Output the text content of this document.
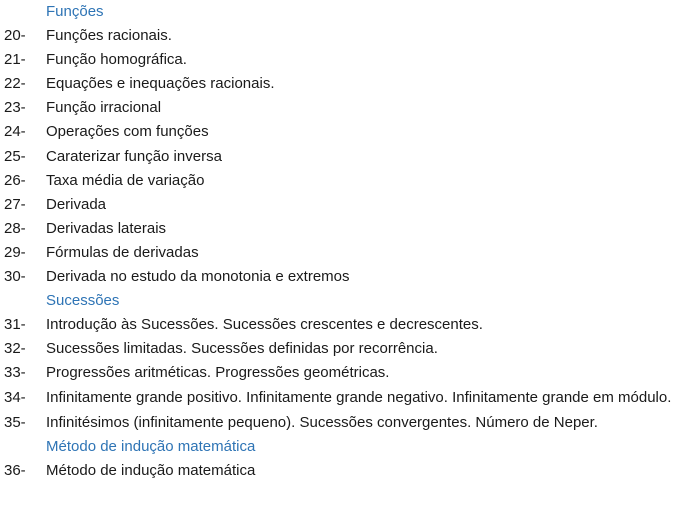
Funções
20-	Funções racionais.
21-	Função homográfica.
22-	Equações e inequações racionais.
23-	Função irracional
24-	Operações com funções
25-	Caraterizar função inversa
26-	Taxa média de variação
27-	Derivada
28-	Derivadas laterais
29-	Fórmulas de derivadas
30-	Derivada no estudo da monotonia e extremos
Sucessões
31-	Introdução às Sucessões. Sucessões crescentes e decrescentes.
32-	Sucessões limitadas. Sucessões definidas por recorrência.
33-	Progressões aritméticas. Progressões geométricas.
34-	Infinitamente grande positivo. Infinitamente grande negativo. Infinitamente grande em módulo.
35-	Infinitésimos (infinitamente pequeno). Sucessões convergentes. Número de Neper.
Método de indução matemática
36-	Método de indução matemática
